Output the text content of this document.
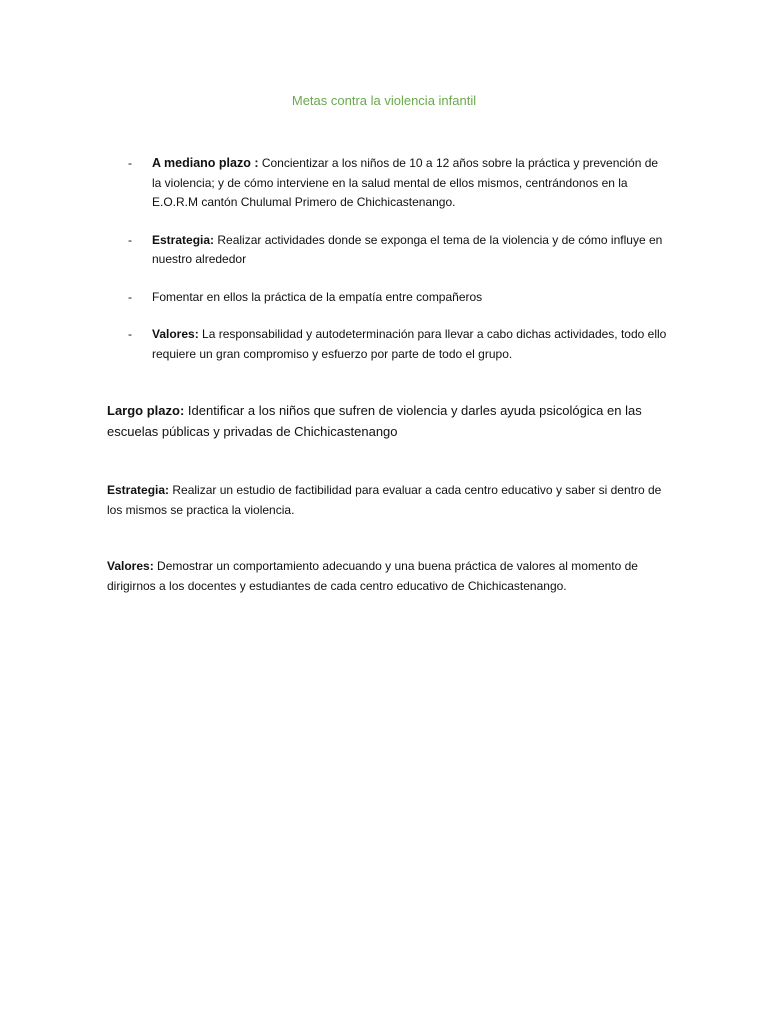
Metas contra la violencia infantil
- A mediano plazo : Concientizar a los niños de 10 a 12 años sobre la práctica y prevención de la violencia; y de cómo interviene en la salud mental de ellos mismos, centrándonos en la E.O.R.M cantón Chulumal Primero de Chichicastenango.
- Estrategia: Realizar actividades donde se exponga el tema de la violencia y de cómo influye en nuestro alrededor
- Fomentar en ellos la práctica de la empatía entre compañeros
- Valores: La responsabilidad y autodeterminación para llevar a cabo dichas actividades, todo ello requiere un gran compromiso y esfuerzo por parte de todo el grupo.
Largo plazo: Identificar a los niños que sufren de violencia y darles ayuda psicológica en las escuelas públicas y privadas de Chichicastenango
Estrategia: Realizar un estudio de factibilidad para evaluar a cada centro educativo y saber si dentro de los mismos se practica la violencia.
Valores: Demostrar un comportamiento adecuando y una buena práctica de valores al momento de dirigirnos a los docentes y estudiantes de cada centro educativo de Chichicastenango.
